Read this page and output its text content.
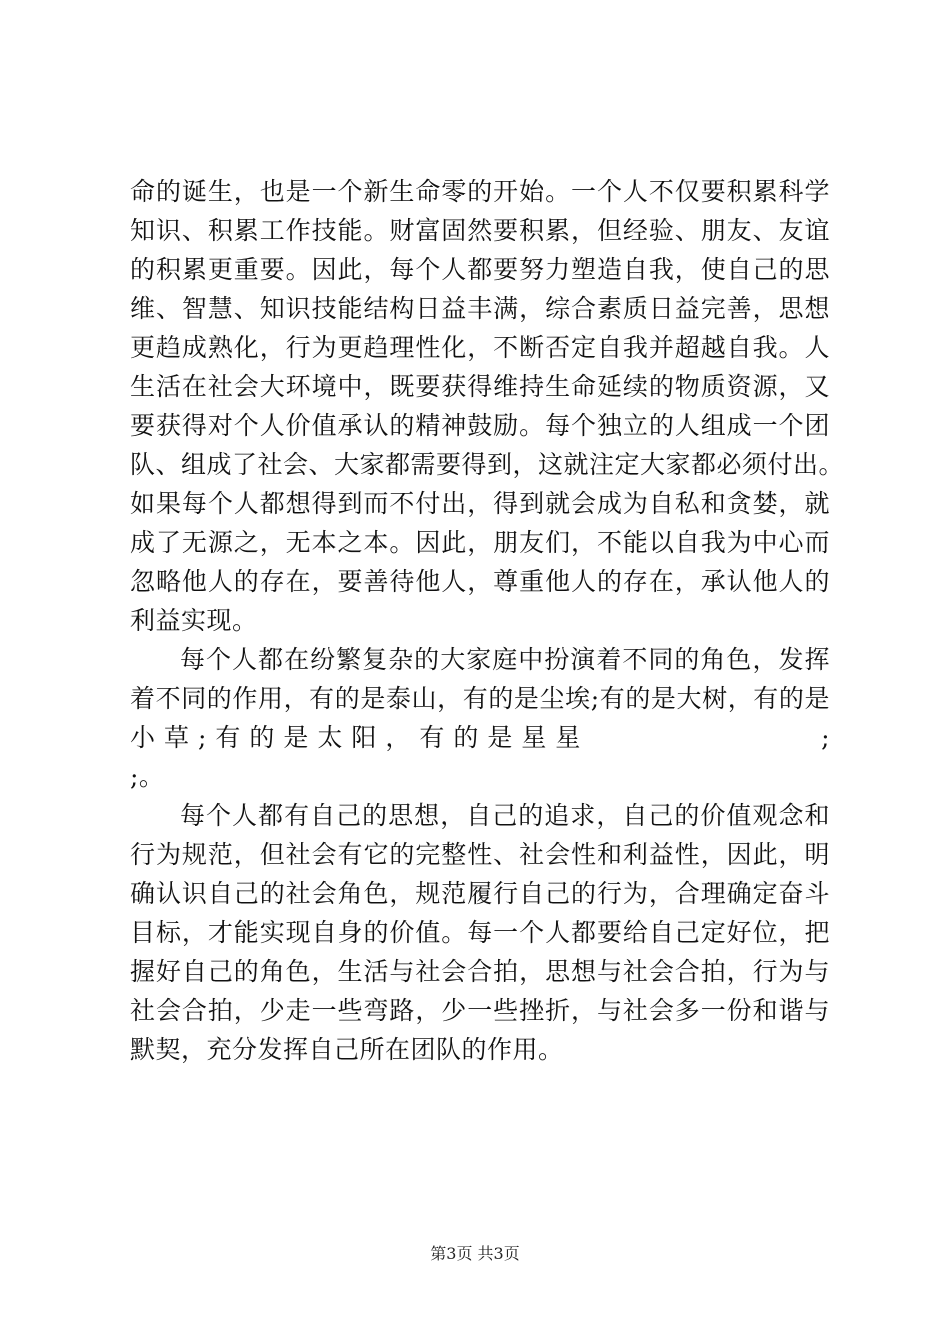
命的诞生，也是一个新生命零的开始。一个人不仅要积累科学
知识、积累工作技能。财富固然要积累，但经验、朋友、友谊
的积累更重要。因此，每个人都要努力塑造自我，使自己的思
维、智慧、知识技能结构日益丰满，综合素质日益完善，思想
更趋成熟化，行为更趋理性化，不断否定自我并超越自我。人
生活在社会大环境中，既要获得维持生命延续的物质资源，又
要获得对个人价值承认的精神鼓励。每个独立的人组成一个团
队、组成了社会、大家都需要得到，这就注定大家都必须付出。
如果每个人都想得到而不付出，得到就会成为自私和贪婪，就
成了无源之，无本之本。因此，朋友们，不能以自我为中心而
忽略他人的存在，要善待他人，尊重他人的存在，承认他人的
利益实现。
每个人都在纷繁复杂的大家庭中扮演着不同的角色，发挥
着不同的作用，有的是泰山，有的是尘埃;有的是大树，有的是
小草;有的是太阳，有的是星星	;
;。
每个人都有自己的思想，自己的追求，自己的价值观念和
行为规范，但社会有它的完整性、社会性和利益性，因此，明
确认识自己的社会角色，规范履行自己的行为，合理确定奋斗
目标，才能实现自身的价值。每一个人都要给自己定好位，把
握好自己的角色，生活与社会合拍，思想与社会合拍，行为与
社会合拍，少走一些弯路，少一些挫折，与社会多一份和谐与
默契，充分发挥自己所在团队的作用。
第3页 共3页
